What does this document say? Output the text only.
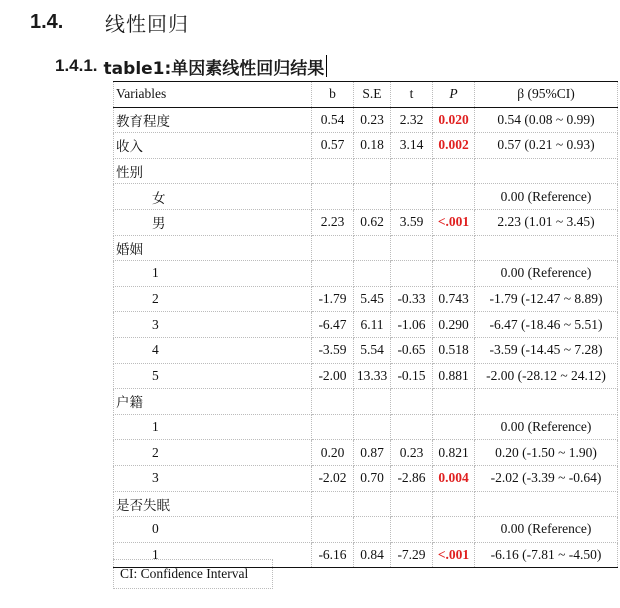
1.4.	线性回归
1.4.1. table1:单因素线性回归结果
Variables	b	S.E	t	P	β (95%CI)
教育程度	0.54	0.23	2.32	0.020	0.54 (0.08 ~ 0.99)
收入	0.57	0.18	3.14	0.002	0.57 (0.21 ~ 0.93)
性别					
女					0.00 (Reference)
男	2.23	0.62	3.59	<.001	2.23 (1.01 ~ 3.45)
婚姻					
1					0.00 (Reference)
2	-1.79	5.45	-0.33	0.743	-1.79 (-12.47 ~ 8.89)
3	-6.47	6.11	-1.06	0.290	-6.47 (-18.46 ~ 5.51)
4	-3.59	5.54	-0.65	0.518	-3.59 (-14.45 ~ 7.28)
5	-2.00	13.33	-0.15	0.881	-2.00 (-28.12 ~ 24.12)
户籍					
1					0.00 (Reference)
2	0.20	0.87	0.23	0.821	0.20 (-1.50 ~ 1.90)
3	-2.02	0.70	-2.86	0.004	-2.02 (-3.39 ~ -0.64)
是否失眠					
0					0.00 (Reference)
1	-6.16	0.84	-7.29	<.001	-6.16 (-7.81 ~ -4.50)
CI: Confidence Interval
